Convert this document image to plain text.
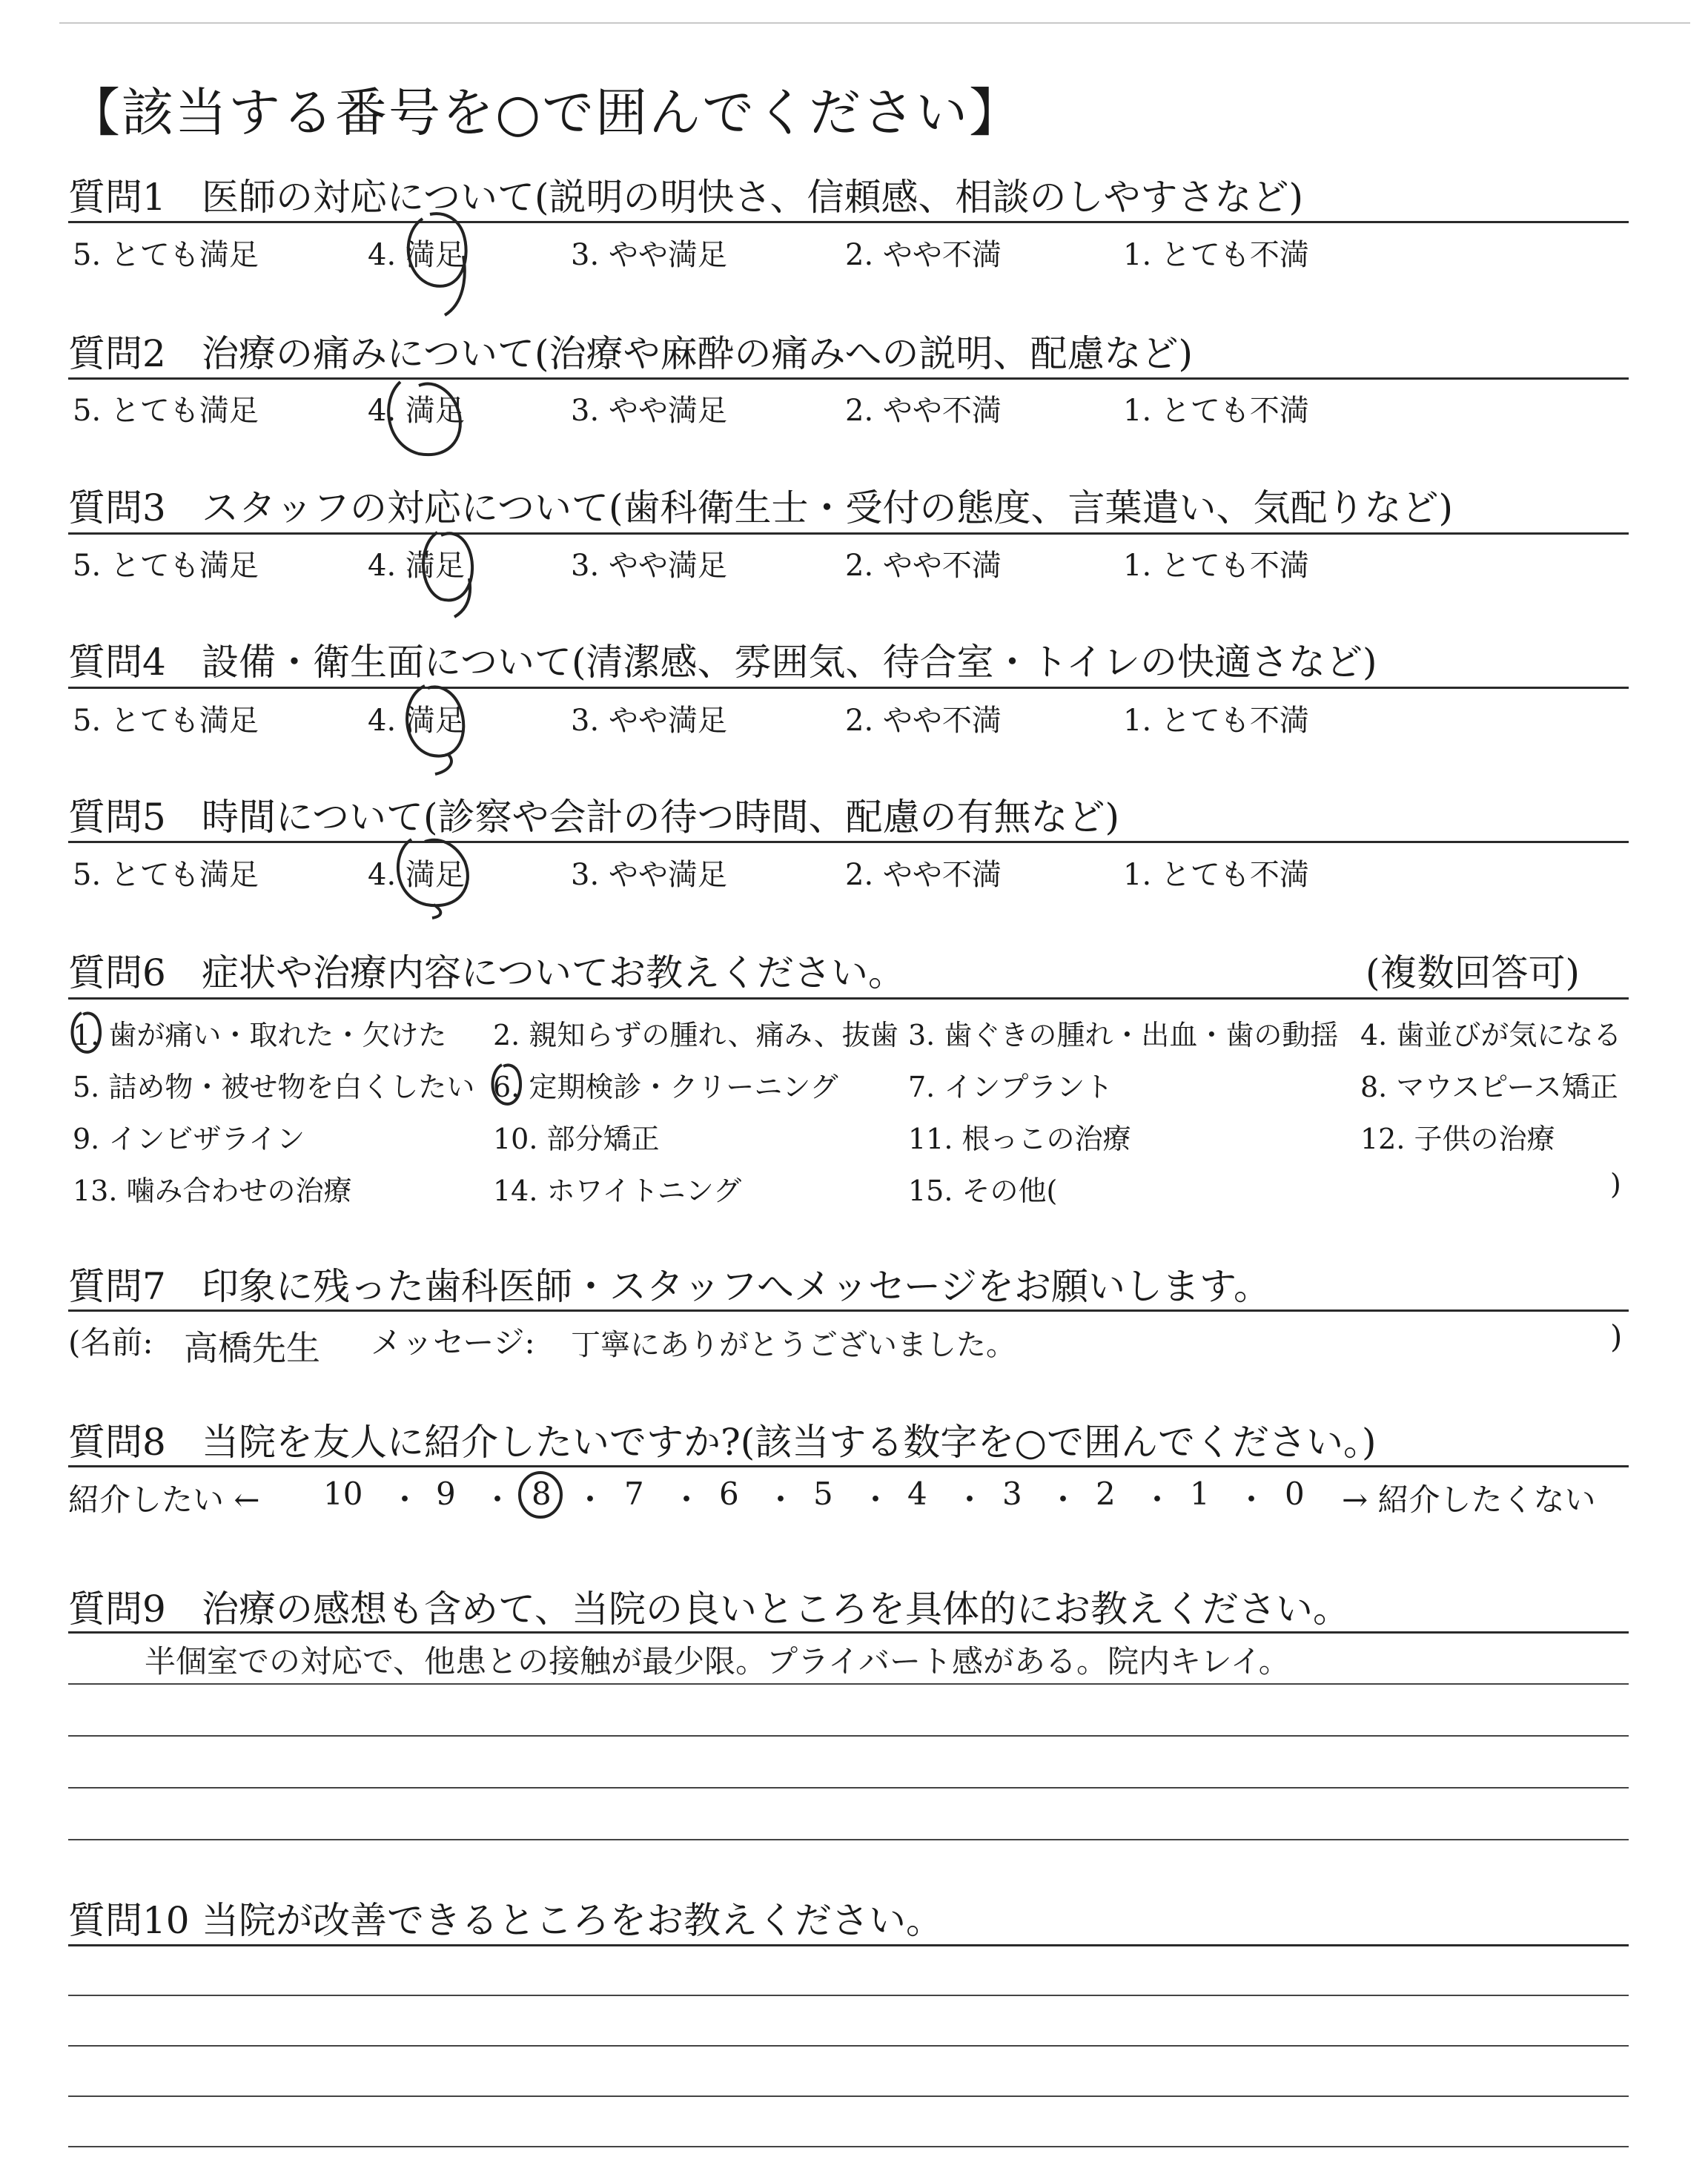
【該当する番号を○で囲んでください】
質問1 医師の対応について(説明の明快さ、信頼感、相談のしやすさなど)
5. とても満足	4. 満足	3. やや満足	2. やや不満	1. とても不満
質問2 治療の痛みについて(治療や麻酔の痛みへの説明、配慮など)
5. とても満足	4. 満足	3. やや満足	2. やや不満	1. とても不満
質問3 スタッフの対応について(歯科衛生士・受付の態度、言葉遣い、気配りなど)
5. とても満足	4. 満足	3. やや満足	2. やや不満	1. とても不満
質問4 設備・衛生面について(清潔感、雰囲気、待合室・トイレの快適さなど)
5. とても満足	4. 満足	3. やや満足	2. やや不満	1. とても不満
質問5 時間について(診察や会計の待つ時間、配慮の有無など)
5. とても満足	4. 満足	3. やや満足	2. やや不満	1. とても不満
質問6 症状や治療内容についてお教えください。	(複数回答可)
1. 歯が痛い・取れた・欠けた 2. 親知らずの腫れ、痛み、抜歯 3. 歯ぐきの腫れ・出血・歯の動揺 4. 歯並びが気になる
5. 詰め物・被せ物を白くしたい 6. 定期検診・クリーニング 7. インプラント	8. マウスピース矯正
9. インビザライン	10. 部分矯正	11. 根っこの治療	12. 子供の治療
13. 噛み合わせの治療	14. ホワイトニング	15. その他(	)
質問7 印象に残った歯科医師・スタッフへメッセージをお願いします。
(名前: 高橋先生 メッセージ: 丁寧にありがとうございました。	)
質問8 当院を友人に紹介したいですか?(該当する数字を○で囲んでください。)
紹介したい ← 10 ・ 9 ・ 8 ・ 7 ・ 6 ・ 5 ・ 4 ・ 3 ・ 2 ・ 1 ・ 0 → 紹介したくない
質問9 治療の感想も含めて、当院の良いところを具体的にお教えください。
半個室での対応で、他患との接触が最少限。プライバート感がある。院内キレイ。
質問10 当院が改善できるところをお教えください。
